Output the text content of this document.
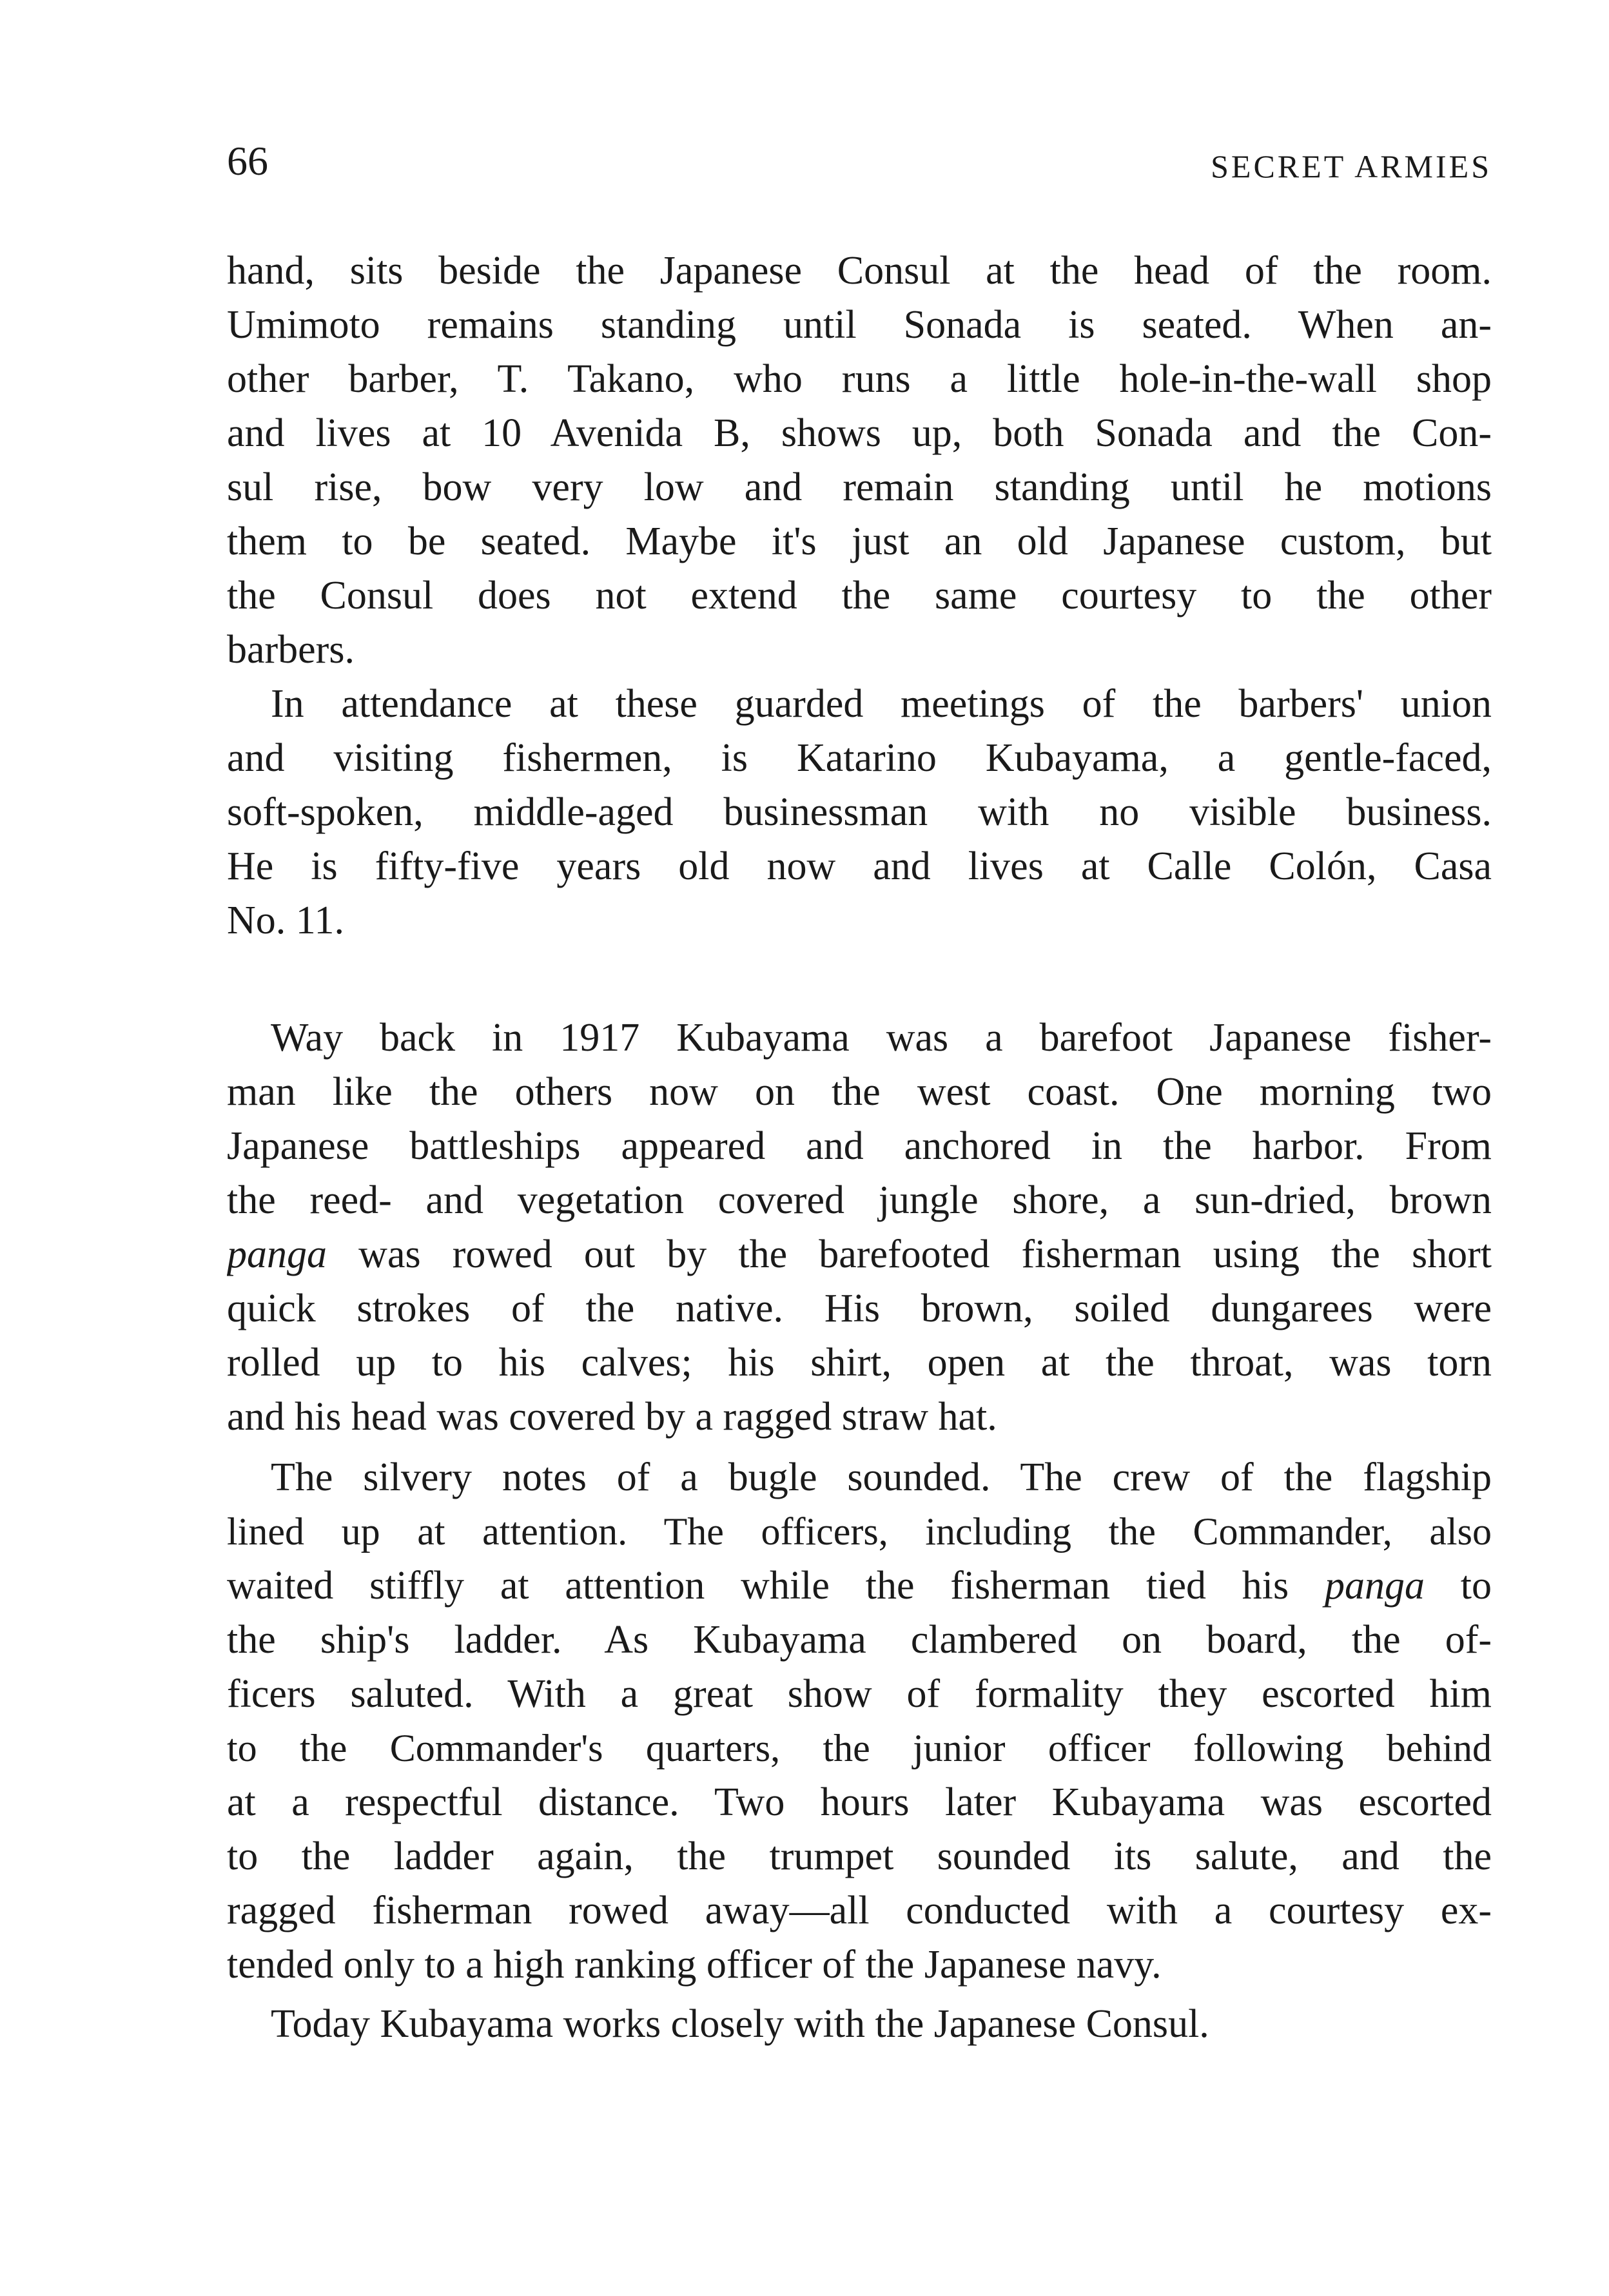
66	SECRET ARMIES
hand, sits beside the Japanese Consul at the head of the room.
Umimoto remains standing until Sonada is seated. When an-
other barber, T. Takano, who runs a little hole-in-the-wall shop
and lives at 10 Avenida B, shows up, both Sonada and the Con-
sul rise, bow very low and remain standing until he motions
them to be seated. Maybe it's just an old Japanese custom, but
the Consul does not extend the same courtesy to the other
barbers.
In attendance at these guarded meetings of the barbers' union
and visiting fishermen, is Katarino Kubayama, a gentle-faced,
soft-spoken, middle-aged businessman with no visible business.
He is fifty-five years old now and lives at Calle Colón, Casa
No. 11.
Way back in 1917 Kubayama was a barefoot Japanese fisher-
man like the others now on the west coast. One morning two
Japanese battleships appeared and anchored in the harbor. From
the reed- and vegetation covered jungle shore, a sun-dried, brown
panga was rowed out by the barefooted fisherman using the short
quick strokes of the native. His brown, soiled dungarees were
rolled up to his calves; his shirt, open at the throat, was torn
and his head was covered by a ragged straw hat.
The silvery notes of a bugle sounded. The crew of the flagship
lined up at attention. The officers, including the Commander, also
waited stiffly at attention while the fisherman tied his panga to
the ship's ladder. As Kubayama clambered on board, the of-
ficers saluted. With a great show of formality they escorted him
to the Commander's quarters, the junior officer following behind
at a respectful distance. Two hours later Kubayama was escorted
to the ladder again, the trumpet sounded its salute, and the
ragged fisherman rowed away—all conducted with a courtesy ex-
tended only to a high ranking officer of the Japanese navy.
Today Kubayama works closely with the Japanese Consul.
